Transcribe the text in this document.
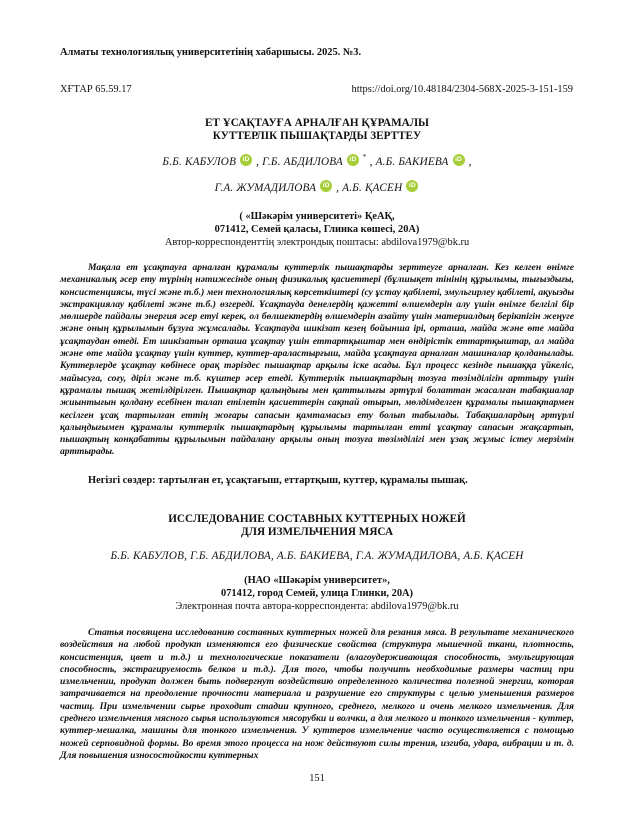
Алматы технологиялық университетінің хабаршысы. 2025. №3.
ХҒТАР 65.59.17	https://doi.org/10.48184/2304-568X-2025-3-151-159
ЕТ ҰСАҚТАУҒА АРНАЛҒАН ҚҰРАМАЛЫ
КУТТЕРЛІК ПЫШАҚТАРДЫ ЗЕРТТЕУ
Б.Б. КАБУЛОВ iD , Г.Б. АБДИЛОВА iD * , А.Б. БАКИЕВА iD ,
Г.А. ЖУМАДИЛОВА iD , А.Б. ҚАСЕН iD
( «Шәкәрім университеті» ҚеАҚ,
071412, Семей қаласы, Глинка көшесі, 20А)
Автор-корреспонденттің электрондық поштасы: abdilova1979@bk.ru
Мақала ет ұсақтауға арналған құрамалы куттерлік пышақтарды зерттеуге арналған. Кез келген өнімге механикалық әсер ету түрінің нәтижесінде оның физикалық қасиеттері (бұлшықет тінінің құрылымы, тығыздығы, консистенциясы, түсі және т.б.) мен технологиялық көрсеткіштері (су ұстау қабілеті, эмульгирлеу қабілеті, ақуызды экстракциялау қабілеті және т.б.) өзгереді. Ұсақтауда денелердің қажетті өлшемдерін алу үшін өнімге белгілі бір мөлшерде пайдалы энергия әсер етуі керек, ол бөлшектердің өлшемдерін азайту үшін материалдың беріктігін жеңуге және оның құрылымын бұзуға жұмсалады. Ұсақтауда шикізат кезең бойынша ірі, орташа, майда және өте майда ұсақтаудан өтеді. Ет шикізатын орташа ұсақтау үшін еттартқыштар мен өндірістік еттартқыштар, ал майда және өте майда ұсақтау үшін куттер, куттер-араластырғыш, майда ұсақтауға арналған машиналар қолданылады. Куттерлерде ұсақтау көбінесе орақ тәріздес пышақтар арқылы іске асады. Бұл процесс кезінде пышаққа үйкеліс, майысуға, соғу, діріл және т.б. күштер әсер етеді. Куттерлік пышақтардың тозуға төзімділігін арттыру үшін құрамалы пышақ жетілдірілген. Пышақтар қалыңдығы мен қаттылығы әртүрлі болаттан жасалған табақшалар жиынтығын қолдану есебінен талап етілетін қасиеттерін сақтай отырып, мөлдімделген құрамалы пышақтармен кесілген ұсақ тартылған еттің жоғары сапасын қамтамасыз ету болып табылады. Табақшалардың әртүрлі қалыңдығымен құрамалы куттерлік пышақтардың құрылымы тартылған етті ұсақтау сапасын жақсартып, пышақтың конқабатты құрылымын пайдалану арқылы оның тозуға төзімділігі мен ұзақ жұмыс істеу мерзімін арттырады.
Негізгі сөздер: тартылған ет, ұсақтағыш, еттартқыш, куттер, құрамалы пышақ.
ИССЛЕДОВАНИЕ СОСТАВНЫХ КУТТЕРНЫХ НОЖЕЙ
ДЛЯ ИЗМЕЛЬЧЕНИЯ МЯСА
Б.Б. КАБУЛОВ, Г.Б. АБДИЛОВА, А.Б. БАКИЕВА, Г.А. ЖУМАДИЛОВА, А.Б. ҚАСЕН
(НАО «Шәкәрім университет»,
071412, город Семей, улица Глинки, 20А)
Электронная почта автора-корреспондента: abdilova1979@bk.ru
Статья посвящена исследованию составных куттерных ножей для резания мяса. В результате механического воздействия на любой продукт изменяются его физические свойства (структура мышечной ткани, плотность, консистенция, цвет и т.д.) и технологические показатели (влагоудерживающая способность, эмульгирующая способность, экстрагируемость белков и т.д.). Для того, чтобы получить необходимые размеры частиц при измельчении, продукт должен быть подвергнут воздействию определенного количества полезной энергии, которая затрачивается на преодоление прочности материала и разрушение его структуры с целью уменьшения размеров частиц. При измельчении сырье проходит стадии крупного, среднего, мелкого и очень мелкого измельчения. Для среднего измельчения мясного сырья используются мясорубки и волчки, а для мелкого и тонкого измельчения - куттер, куттер-мешалка, машины для тонкого измельчения. У куттеров измельчение часто осуществляется с помощью ножей серповидной формы. Во время этого процесса на нож действуют силы трения, изгиба, удара, вибрации и т. д. Для повышения износостойкости куттерных
151
